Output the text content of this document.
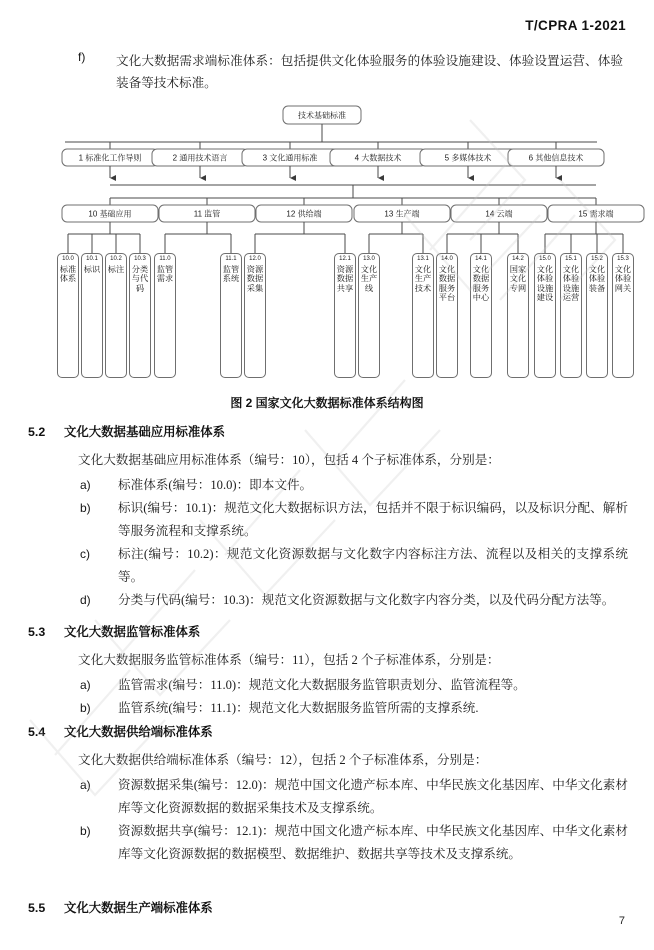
T/CPRA 1-2021
7
f) 文化大数据需求端标准体系：包括提供文化体验服务的体验设施建设、体验设置运营、体验装备等技术标准。
技术基础标准
1 标准化工作导则	2 通用技术语言	3 文化通用标准	4 大数据技术	5 多媒体技术	6 其他信息技术
10 基础应用	11 监管	12 供给端	13 生产端	14 云端	15 需求端
10.0
标准体系
10.1
标识
10.2
标注
10.3
分类与代码
11.0
监管需求
11.1
监管系统
12.0
资源数据采集
12.1
资源数据共享
13.0
文化生产线
13.1
文化生产技术
14.0
文化数据服务平台
14.1
文化数据服务中心
14.2
国家文化专网
15.0
文化体验设施建设
15.1
文化体验设施运营
15.2
文化体验装备
15.3
文化体验网关
图 2 国家文化大数据标准体系结构图
5.2 文化大数据基础应用标准体系
文化大数据基础应用标准体系（编号：10），包括 4 个子标准体系，分别是：
a) 标准体系(编号：10.0)：即本文件。
b) 标识(编号：10.1)：规范文化大数据标识方法，包括并不限于标识编码，以及标识分配、解析等服务流程和支撑系统。
c) 标注(编号：10.2)：规范文化资源数据与文化数字内容标注方法、流程以及相关的支撑系统等。
d) 分类与代码(编号：10.3)：规范文化资源数据与文化数字内容分类，以及代码分配方法等。
5.3 文化大数据监管标准体系
文化大数据服务监管标准体系（编号：11），包括 2 个子标准体系，分别是：
a) 监管需求(编号：11.0)：规范文化大数据服务监管职责划分、监管流程等。
b) 监管系统(编号：11.1)：规范文化大数据服务监管所需的支撑系统.
5.4 文化大数据供给端标准体系
文化大数据供给端标准体系（编号：12），包括 2 个子标准体系，分别是：
a) 资源数据采集(编号：12.0)：规范中国文化遗产标本库、中华民族文化基因库、中华文化素材库等文化资源数据的数据采集技术及支撑系统。
b) 资源数据共享(编号：12.1)：规范中国文化遗产标本库、中华民族文化基因库、中华文化素材库等文化资源数据的数据模型、数据维护、数据共享等技术及支撑系统。
5.5 文化大数据生产端标准体系
